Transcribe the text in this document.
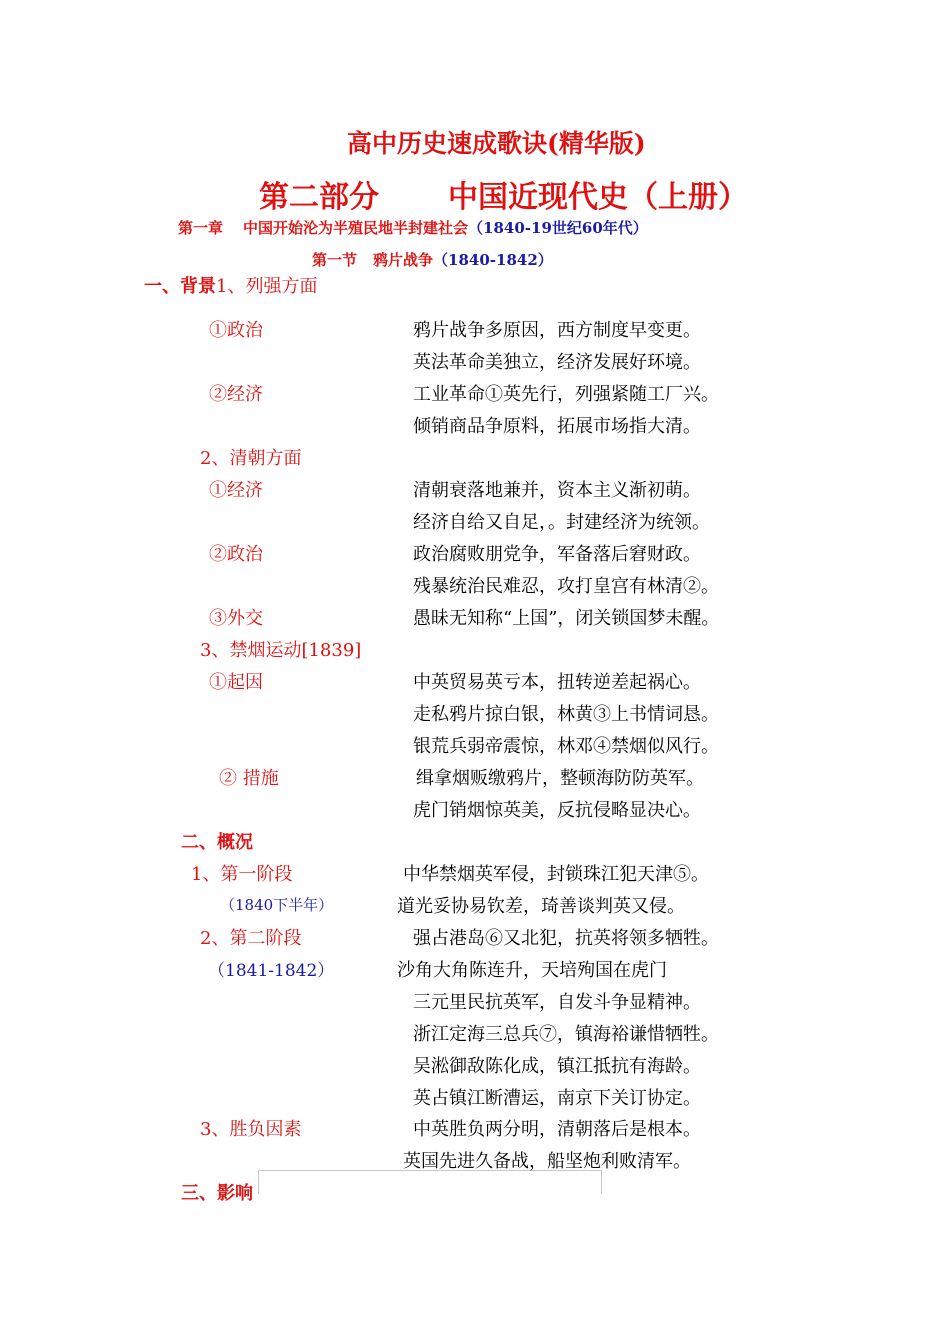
高中历史速成歌诀(精华版)
第二部分 中国近现代史（上册）
第一章 中国开始沦为半殖民地半封建社会（1840-19世纪60年代）
第一节 鸦片战争（1840-1842）
一、背景1、列强方面
①政治
②经济
2、清朝方面
①经济
②政治
③外交
3、禁烟运动[1839]
①起因
② 措施
二、概况
1、第一阶段
（1840下半年）
2、第二阶段
（1841-1842）
3、胜负因素
三、影响
鸦片战争多原因，西方制度早变更。
英法革命美独立，经济发展好环境。
工业革命①英先行，列强紧随工厂兴。
倾销商品争原料，拓展市场指大清。
清朝衰落地兼并，资本主义渐初萌。
经济自给又自足，。封建经济为统领。
政治腐败朋党争，军备落后窘财政。
残暴统治民难忍，攻打皇宫有林清②。
愚昧无知称“上国”，闭关锁国梦未醒。
中英贸易英亏本，扭转逆差起祸心。
走私鸦片掠白银，林黄③上书情词恳。
银荒兵弱帝震惊，林邓④禁烟似风行。
缉拿烟贩缴鸦片，整顿海防防英军。
虎门销烟惊英美，反抗侵略显决心。
中华禁烟英军侵，封锁珠江犯天津⑤。
道光妥协易钦差，琦善谈判英又侵。
强占港岛⑥又北犯，抗英将领多牺牲。
沙角大角陈连升，天培殉国在虎门
三元里民抗英军，自发斗争显精神。
浙江定海三总兵⑦，镇海裕谦惜牺牲。
吴淞御敌陈化成，镇江抵抗有海龄。
英占镇江断漕运，南京下关订协定。
中英胜负两分明，清朝落后是根本。
英国先进久备战，船坚炮利败清军。
